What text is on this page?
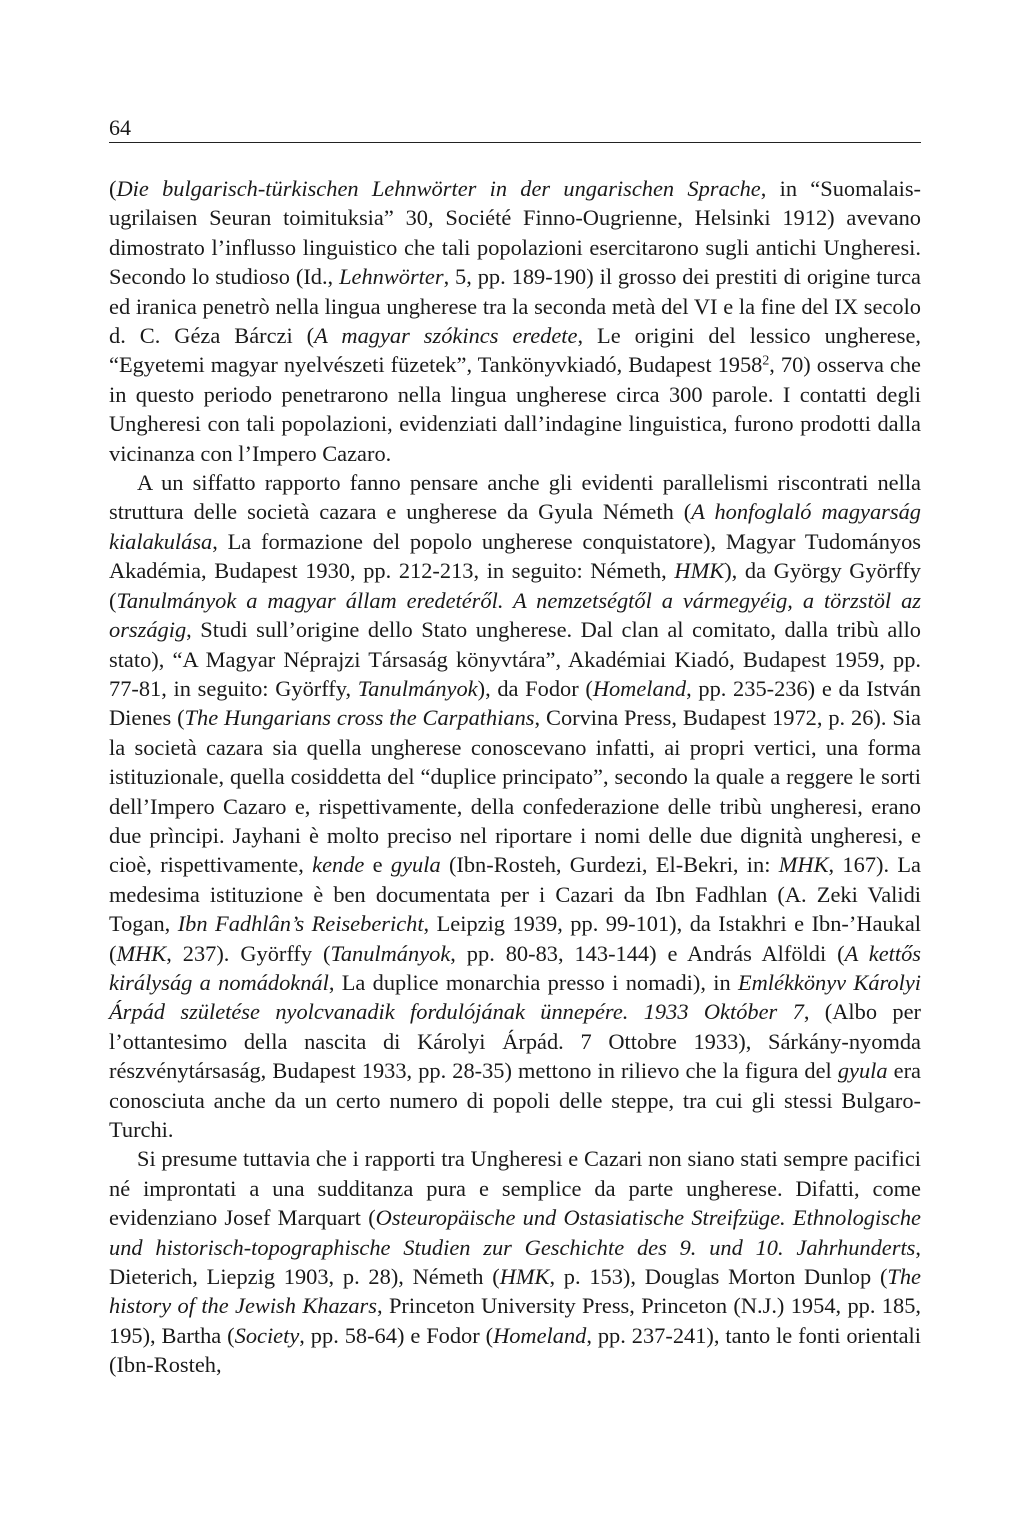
64

(Die bulgarisch-türkischen Lehnwörter in der ungarischen Sprache, in “Suomalais-ugrilaisen Seuran toimituksia” 30, Société Finno-Ougrienne, Helsinki 1912) avevano dimostrato l’influsso linguistico che tali popolazioni esercitarono sugli antichi Ungheresi. Secondo lo studioso (Id., Lehnwörter, 5, pp. 189-190) il grosso dei prestiti di origine turca ed iranica penetrò nella lingua ungherese tra la seconda metà del VI e la fine del IX secolo d. C. Géza Bárczi (A magyar szókincs eredete, Le origini del lessico ungherese, “Egyetemi magyar nyelvészeti füzetek”, Tankönyvkiadó, Budapest 1958$^2$, 70) osserva che in questo periodo penetrarono nella lingua ungherese circa 300 parole. I contatti degli Ungheresi con tali popolazioni, evidenziati dall’indagine linguistica, furono prodotti dalla vicinanza con l’Impero Cazaro.

A un siffatto rapporto fanno pensare anche gli evidenti parallelismi riscontrati nella struttura delle società cazara e ungherese da Gyula Németh (A honfoglaló magyarság kialakulása, La formazione del popolo ungherese conquistatore), Magyar Tudományos Akadémia, Budapest 1930, pp. 212-213, in seguito: Németh, HMK), da György Györffy (Tanulmányok a magyar állam eredetéről. A nemzetségtől a vármegyéig, a törzstöl az országig, Studi sull’origine dello Stato ungherese. Dal clan al comitato, dalla tribù allo stato), “A Magyar Néprajzi Társaság könyvtára”, Akadémiai Kiadó, Budapest 1959, pp. 77-81, in seguito: Györffy, Tanulmányok), da Fodor (Homeland, pp. 235-236) e da István Dienes (The Hungarians cross the Carpathians, Corvina Press, Budapest 1972, p. 26). Sia la società cazara sia quella ungherese conoscevano infatti, ai propri vertici, una forma istituzionale, quella cosiddetta del “duplice principato”, secondo la quale a reggere le sorti dell’Impero Cazaro e, rispettivamente, della confederazione delle tribù ungheresi, erano due prìncipi. Jayhani è molto preciso nel riportare i nomi delle due dignità ungheresi, e cioè, rispettivamente, kende e gyula (Ibn-Rosteh, Gurdezi, El-Bekri, in: MHK, 167). La medesima istituzione è ben documentata per i Cazari da Ibn Fadhlan (A. Zeki Validi Togan, Ibn Fadhlân’s Reisebericht, Leipzig 1939, pp. 99-101), da Istakhri e Ibn-’Haukal (MHK, 237). Györffy (Tanulmányok, pp. 80-83, 143-144) e András Alföldi (A kettős királyság a nomádoknál, La duplice monarchia presso i nomadi), in Emlékkönyv Károlyi Árpád születése nyolcvanadik fordulójának ünnepére. 1933 Október 7, (Albo per l’ottantesimo della nascita di Károlyi Árpád. 7 Ottobre 1933), Sárkány-nyomda részvénytársaság, Budapest 1933, pp. 28-35) mettono in rilievo che la figura del gyula era conosciuta anche da un certo numero di popoli delle steppe, tra cui gli stessi Bulgaro-Turchi.

Si presume tuttavia che i rapporti tra Ungheresi e Cazari non siano stati sempre pacifici né improntati a una sudditanza pura e semplice da parte ungherese. Difatti, come evidenziano Josef Marquart (Osteuropäische und Ostasiatische Streifzüge. Ethnologische und historisch-topographische Studien zur Geschichte des 9. und 10. Jahrhunderts, Dieterich, Liepzig 1903, p. 28), Németh (HMK, p. 153), Douglas Morton Dunlop (The history of the Jewish Khazars, Princeton University Press, Princeton (N.J.) 1954, pp. 185, 195), Bartha (Society, pp. 58-64) e Fodor (Homeland, pp. 237-241), tanto le fonti orientali (Ibn-Rosteh,
